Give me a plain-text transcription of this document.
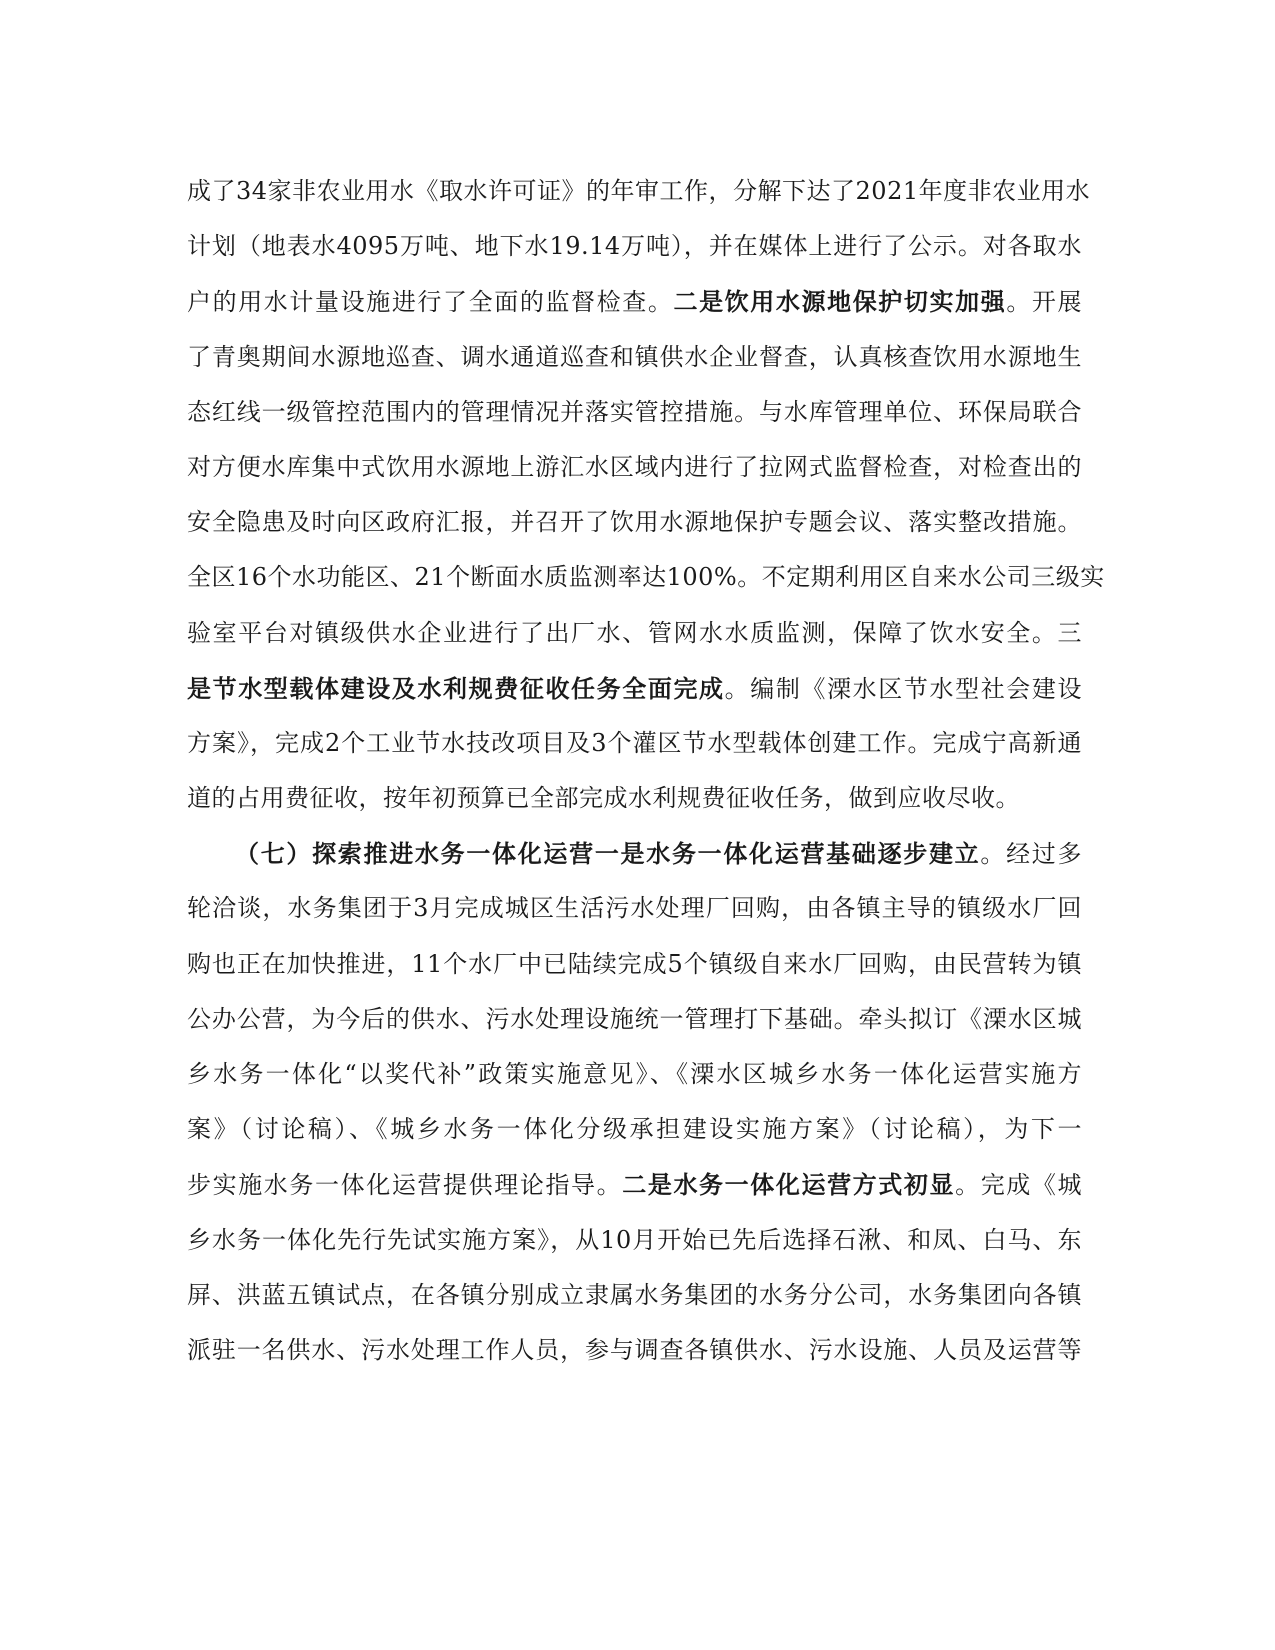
成了34家非农业用水《取水许可证》的年审工作，分解下达了2021年度非农业用水
计划（地表水4095万吨、地下水19.14万吨），并在媒体上进行了公示。对各取水
户的用水计量设施进行了全面的监督检查。二是饮用水源地保护切实加强。开展
了青奥期间水源地巡查、调水通道巡查和镇供水企业督查，认真核查饮用水源地生
态红线一级管控范围内的管理情况并落实管控措施。与水库管理单位、环保局联合
对方便水库集中式饮用水源地上游汇水区域内进行了拉网式监督检查，对检查出的
安全隐患及时向区政府汇报，并召开了饮用水源地保护专题会议、落实整改措施。
全区16个水功能区、21个断面水质监测率达100%。不定期利用区自来水公司三级实
验室平台对镇级供水企业进行了出厂水、管网水水质监测，保障了饮水安全。三
是节水型载体建设及水利规费征收任务全面完成。编制《溧水区节水型社会建设
方案》，完成2个工业节水技改项目及3个灌区节水型载体创建工作。完成宁高新通
道的占用费征收，按年初预算已全部完成水利规费征收任务，做到应收尽收。
（七）探索推进水务一体化运营一是水务一体化运营基础逐步建立。经过多
轮洽谈，水务集团于3月完成城区生活污水处理厂回购，由各镇主导的镇级水厂回
购也正在加快推进，11个水厂中已陆续完成5个镇级自来水厂回购，由民营转为镇
公办公营，为今后的供水、污水处理设施统一管理打下基础。牵头拟订《溧水区城
乡水务一体化“以奖代补”政策实施意见》、《溧水区城乡水务一体化运营实施方
案》（讨论稿）、《城乡水务一体化分级承担建设实施方案》（讨论稿），为下一
步实施水务一体化运营提供理论指导。二是水务一体化运营方式初显。完成《城
乡水务一体化先行先试实施方案》，从10月开始已先后选择石湫、和凤、白马、东
屏、洪蓝五镇试点，在各镇分别成立隶属水务集团的水务分公司，水务集团向各镇
派驻一名供水、污水处理工作人员，参与调查各镇供水、污水设施、人员及运营等
